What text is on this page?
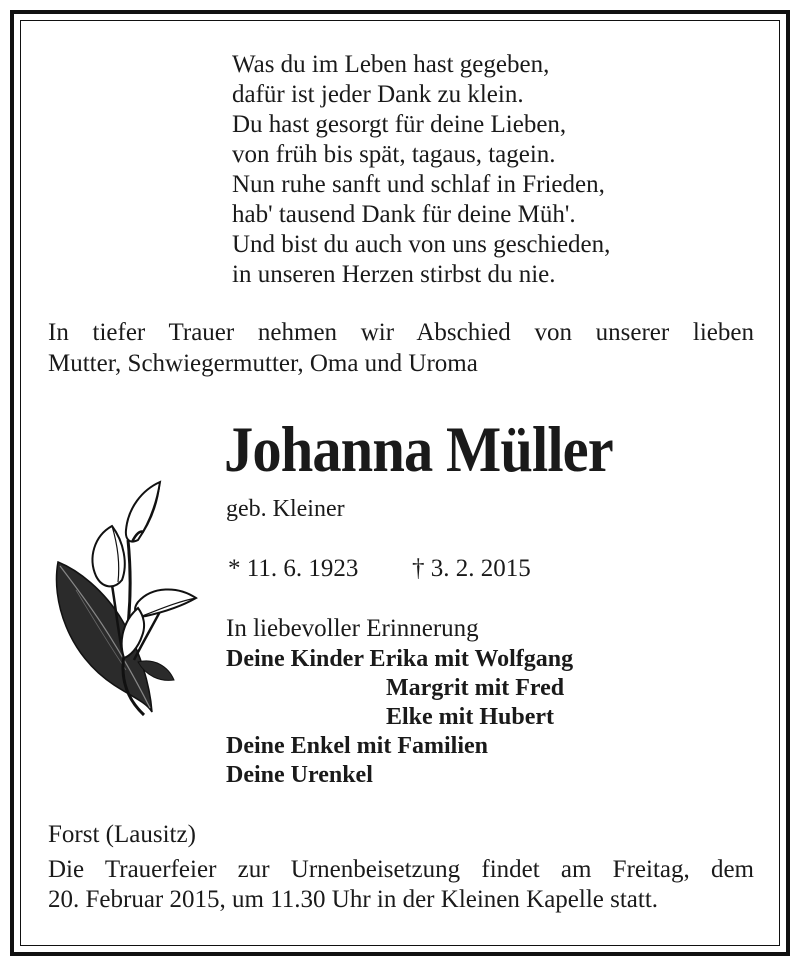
Was du im Leben hast gegeben,
dafür ist jeder Dank zu klein.
Du hast gesorgt für deine Lieben,
von früh bis spät, tagaus, tagein.
Nun ruhe sanft und schlaf in Frieden,
hab' tausend Dank für deine Müh'.
Und bist du auch von uns geschieden,
in unseren Herzen stirbst du nie.
In tiefer Trauer nehmen wir Abschied von unserer lieben
Mutter, Schwiegermutter, Oma und Uroma
Johanna Müller
geb. Kleiner
* 11. 6. 1923 † 3. 2. 2015
In liebevoller Erinnerung
Deine Kinder Erika mit Wolfgang
Margrit mit Fred
Elke mit Hubert
Deine Enkel mit Familien
Deine Urenkel
Forst (Lausitz)
Die Trauerfeier zur Urnenbeisetzung findet am Freitag, dem
20. Februar 2015, um 11.30 Uhr in der Kleinen Kapelle statt.
